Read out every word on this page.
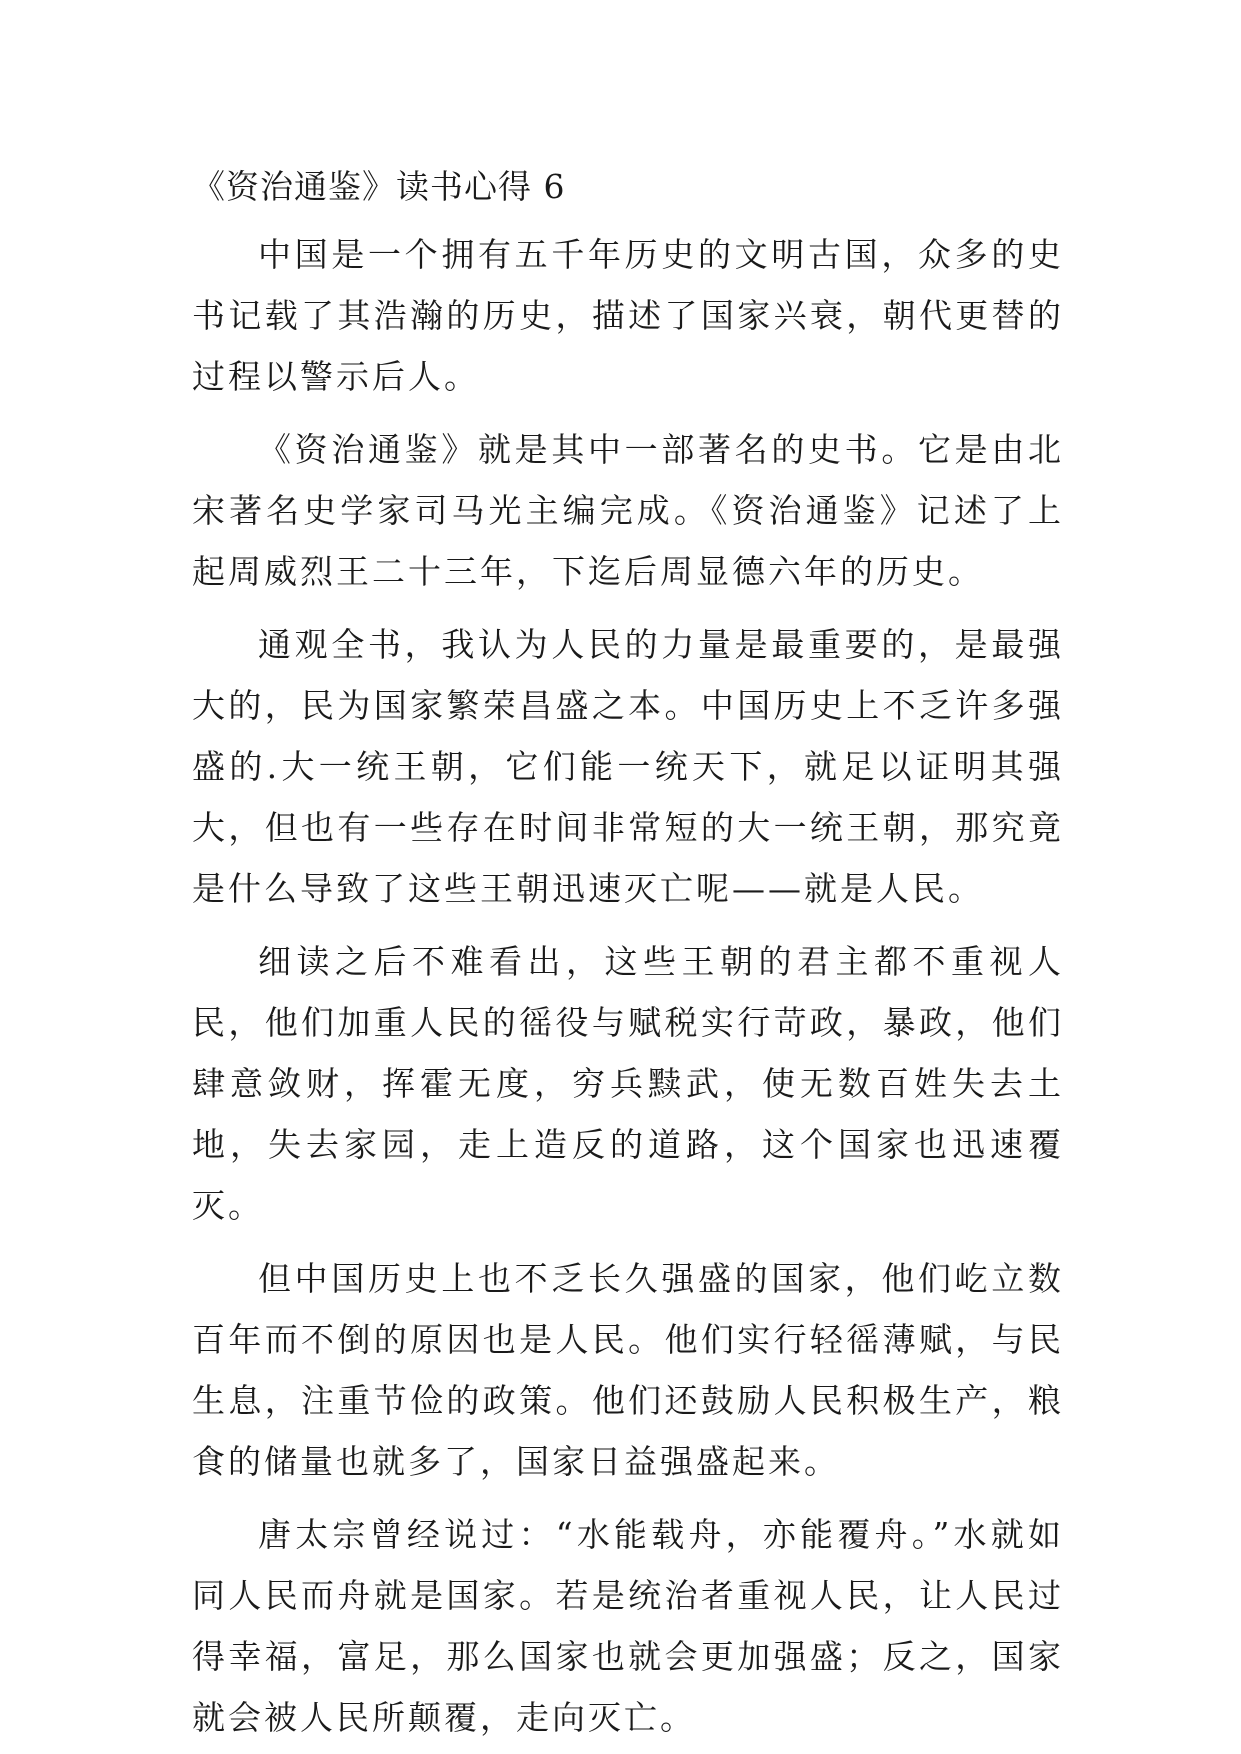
《资治通鉴》读书心得 6

中国是一个拥有五千年历史的文明古国，众多的史书记载了其浩瀚的历史，描述了国家兴衰，朝代更替的过程以警示后人。

《资治通鉴》就是其中一部著名的史书。它是由北宋著名史学家司马光主编完成。《资治通鉴》记述了上起周威烈王二十三年，下迄后周显德六年的历史。

通观全书，我认为人民的力量是最重要的，是最强大的，民为国家繁荣昌盛之本。中国历史上不乏许多强盛的.大一统王朝，它们能一统天下，就足以证明其强大，但也有一些存在时间非常短的大一统王朝，那究竟是什么导致了这些王朝迅速灭亡呢——就是人民。

细读之后不难看出，这些王朝的君主都不重视人民，他们加重人民的徭役与赋税实行苛政，暴政，他们肆意敛财，挥霍无度，穷兵黩武，使无数百姓失去土地，失去家园，走上造反的道路，这个国家也迅速覆灭。

但中国历史上也不乏长久强盛的国家，他们屹立数百年而不倒的原因也是人民。他们实行轻徭薄赋，与民生息，注重节俭的政策。他们还鼓励人民积极生产，粮食的储量也就多了，国家日益强盛起来。

唐太宗曾经说过：“水能载舟，亦能覆舟。”水就如同人民而舟就是国家。若是统治者重视人民，让人民过得幸福，富足，那么国家也就会更加强盛；反之，国家就会被人民所颠覆，走向灭亡。
